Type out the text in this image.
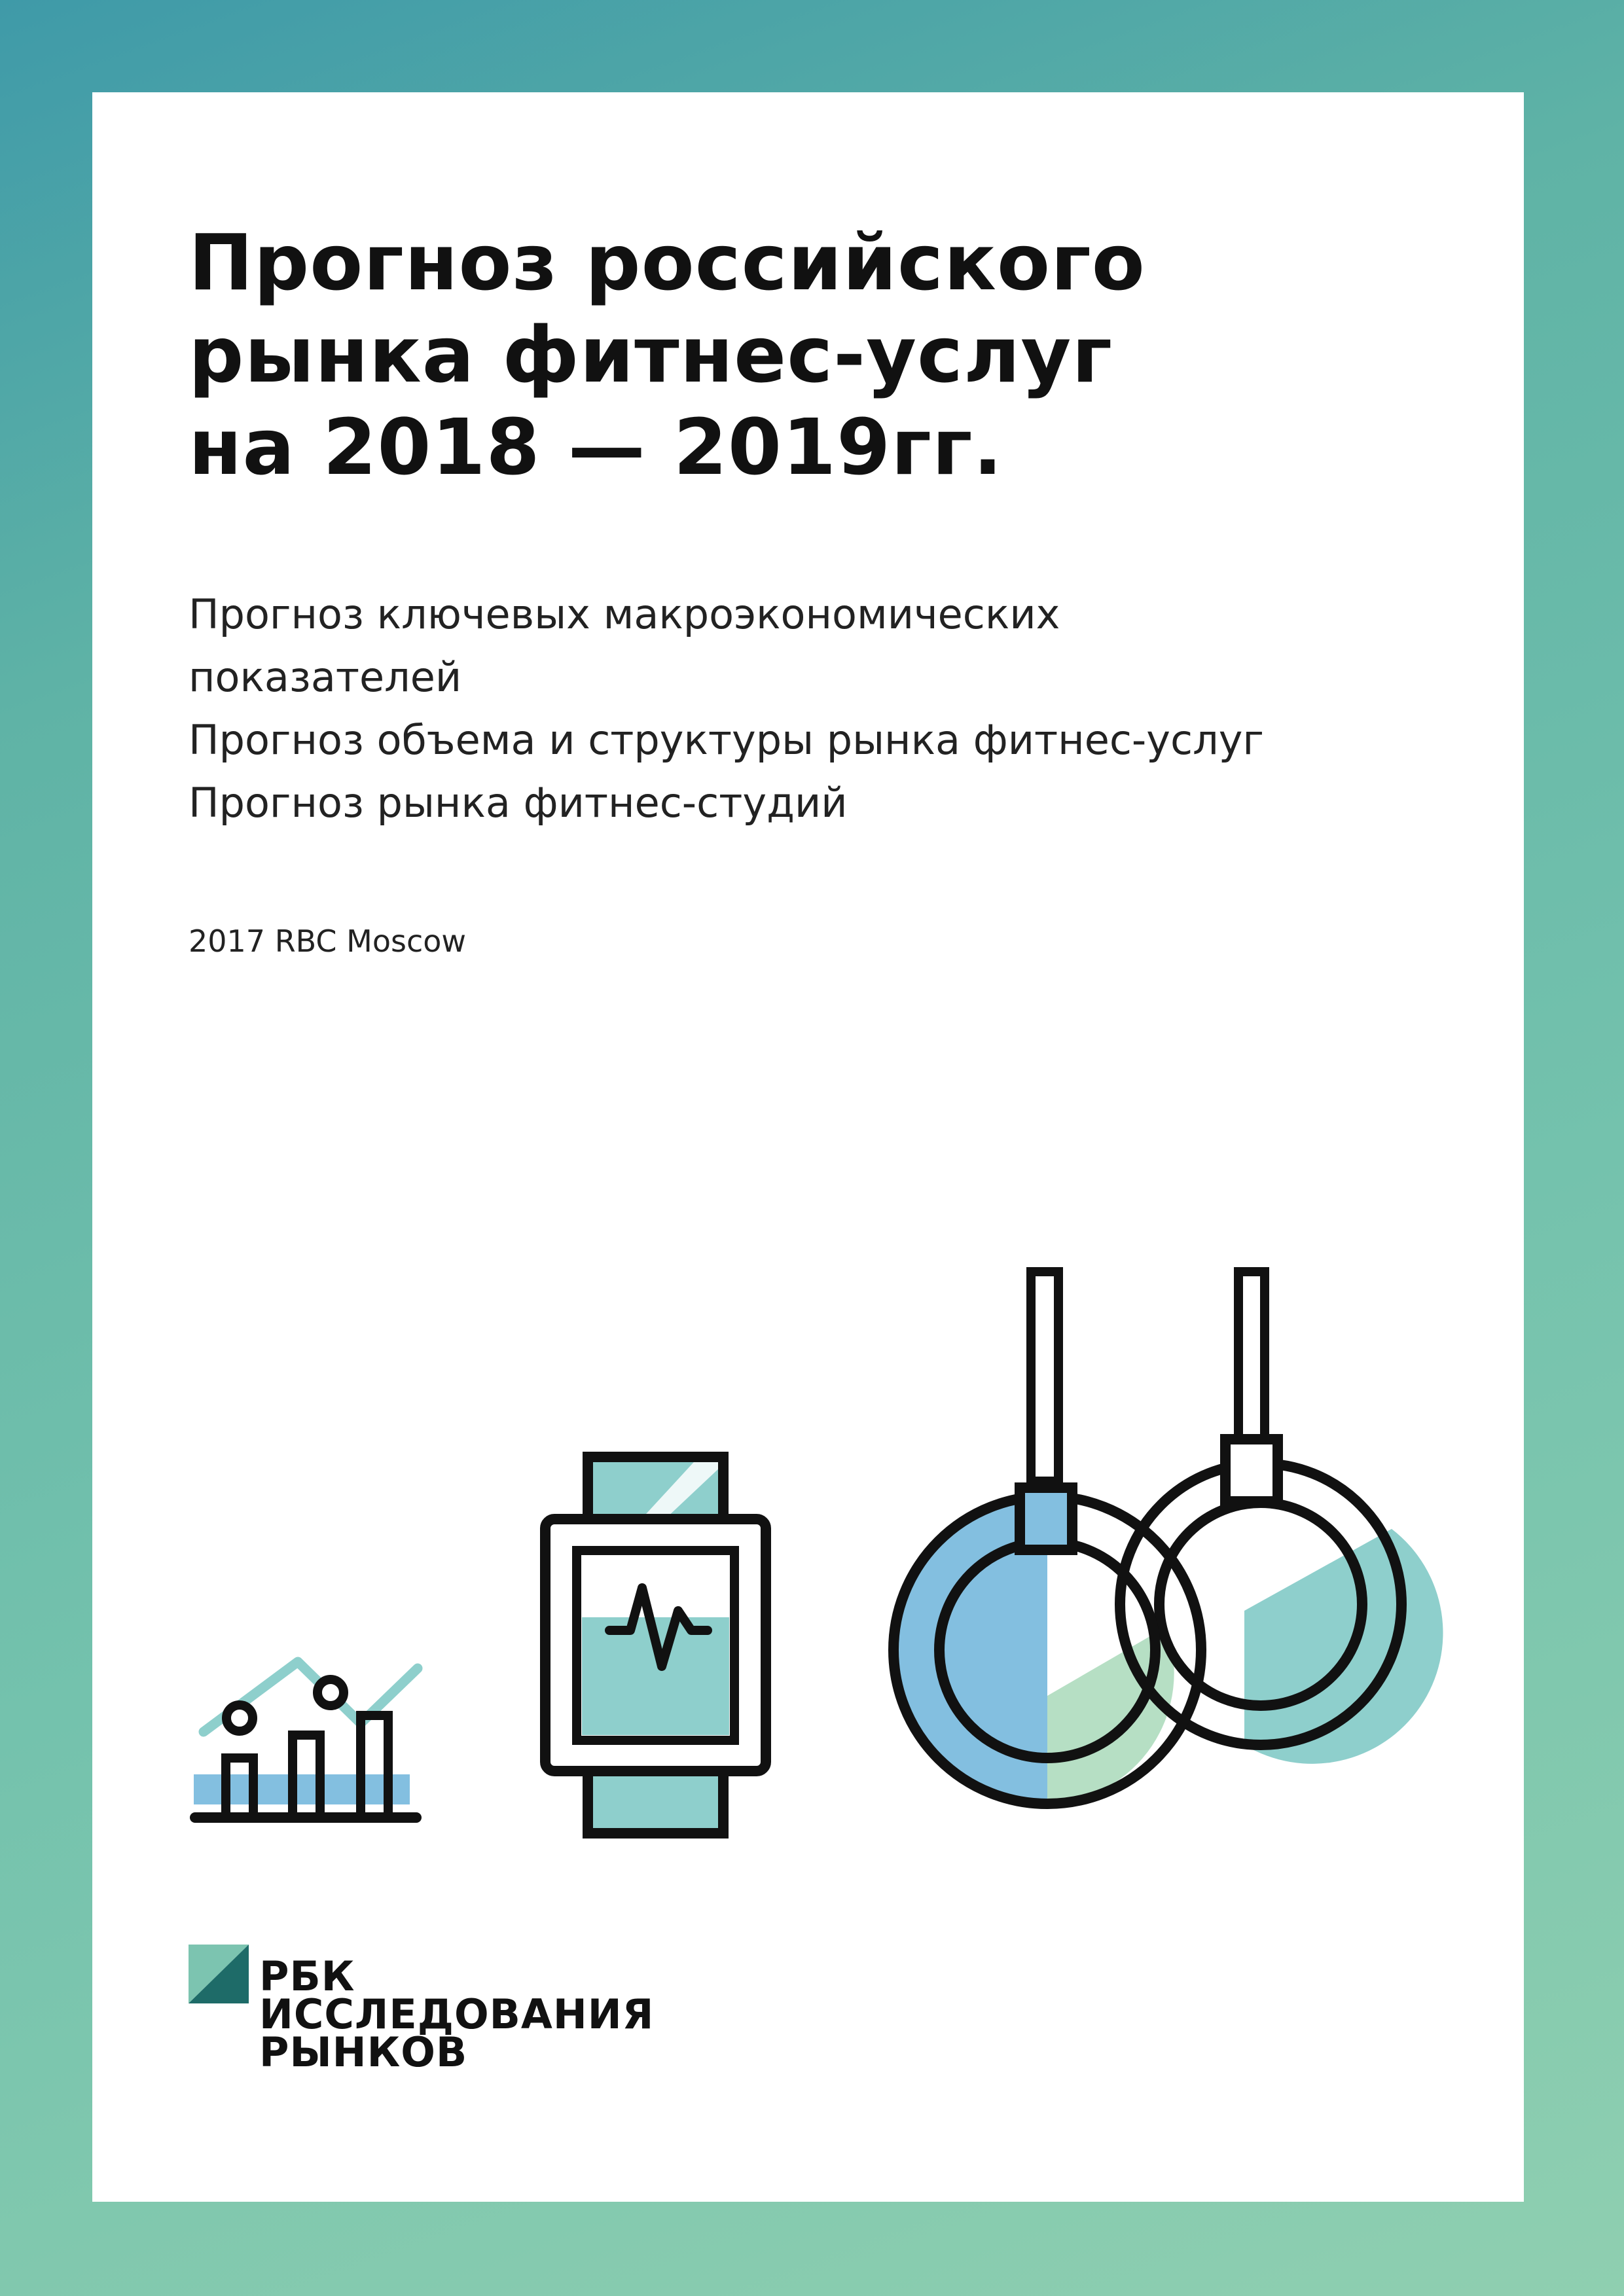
Прогноз российского
рынка фитнес-услуг
на 2018 — 2019гг.
Прогноз ключевых макроэкономических
показателей
Прогноз объема и структуры рынка фитнес-услуг
Прогноз рынка фитнес-студий
2017 RBC Moscow
РБК
ИССЛЕДОВАНИЯ
РЫНКОВ
